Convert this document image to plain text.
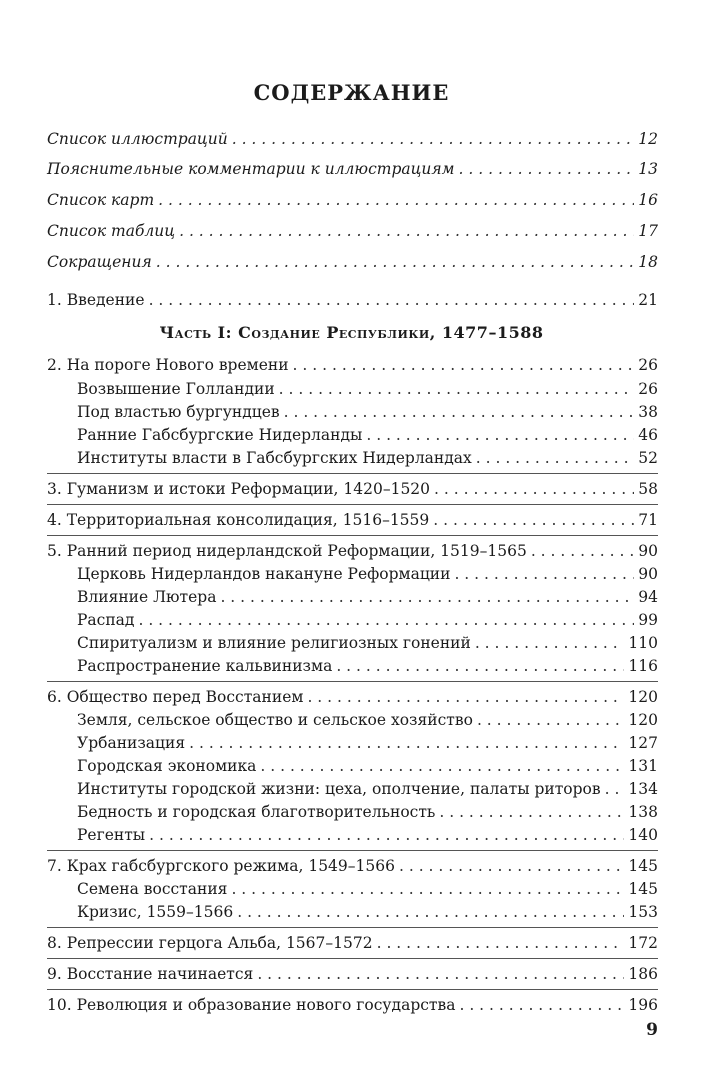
СОДЕРЖАНИЕ
Список иллюстраций . . .	12
Пояснительные комментарии к иллюстрациям . . .	13
Список карт . . .	16
Список таблиц . . .	17
Сокращения . . .	18
1. Введение . . .	21
Часть I: Создание Республики, 1477–1588
2. На пороге Нового времени . . .	26
Возвышение Голландии . . .	26
Под властью бургундцев . . .	38
Ранние Габсбургские Нидерланды . . .	46
Институты власти в Габсбургских Нидерландах . . .	52
3. Гуманизм и истоки Реформации, 1420–1520 . . .	58
4. Территориальная консолидация, 1516–1559 . . .	71
5. Ранний период нидерландской Реформации, 1519–1565 . . .	90
Церковь Нидерландов накануне Реформации . . .	90
Влияние Лютера . . .	94
Распад . . .	99
Спиритуализм и влияние религиозных гонений . . .	110
Распространение кальвинизма . . .	116
6. Общество перед Восстанием . . .	120
Земля, сельское общество и сельское хозяйство . . .	120
Урбанизация . . .	127
Городская экономика . . .	131
Институты городской жизни: цеха, ополчение, палаты риторов . . . 134
Бедность и городская благотворительность . . .	138
Регенты . . .	140
7. Крах габсбургского режима, 1549–1566 . . .	145
Семена восстания . . .	145
Кризис, 1559–1566 . . .	153
8. Репрессии герцога Альба, 1567–1572 . . .	172
9. Восстание начинается . . .	186
10. Революция и образование нового государства . . .	196
9
